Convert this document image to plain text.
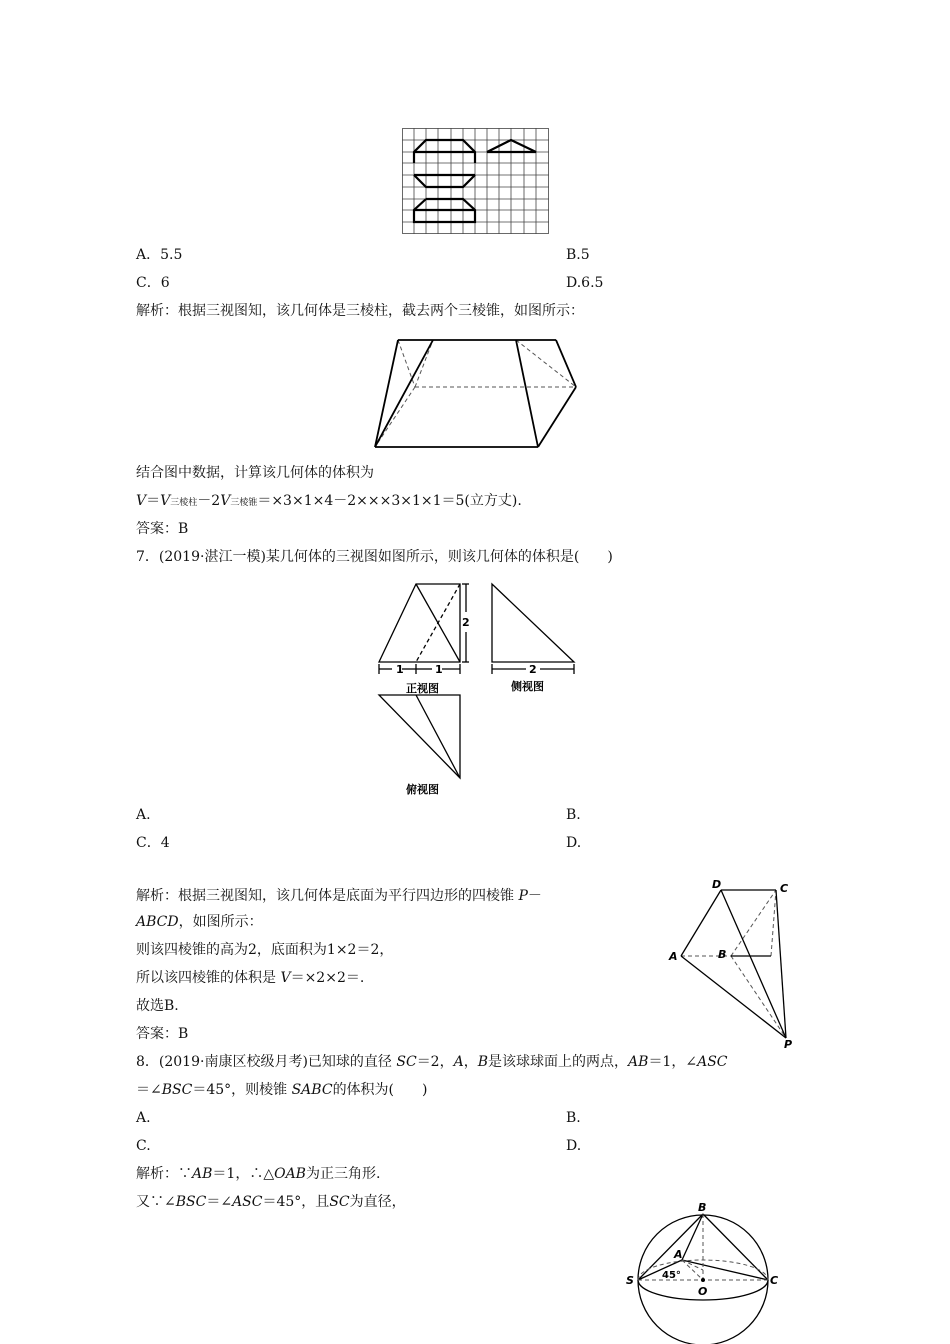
A．5.5	B.5
C．6	D.6.5
解析：根据三视图知，该几何体是三棱柱，截去两个三棱锥，如图所示：
结合图中数据，计算该几何体的体积为
V＝V三棱柱－2V三棱锥＝×3×1×4－2×××3×1×1＝5(立方丈).
答案：B
7．(2019·湛江一模)某几何体的三视图如图所示，则该几何体的体积是(　　)
1	1
2
正视图
2
侧视图
俯视图
A.	B.
C．4	D.
解析：根据三视图知，该几何体是底面为平行四边形的四棱锥 P－
ABCD，如图所示：
则该四棱锥的高为2，底面积为1×2＝2，
所以该四棱锥的体积是 V＝×2×2＝.
故选B.
答案：B
D	C
A	B
P
8．(2019·南康区校级月考)已知球的直径 SC＝2，A，B是该球球面上的两点，AB＝1，∠ASC
＝∠BSC＝45°，则棱锥 SABC的体积为(　　)
A.	B.
C.	D.
解析：∵AB＝1，∴△OAB为正三角形.
又∵∠BSC＝∠ASC＝45°，且SC为直径，	B
A
S
O
C
45°
